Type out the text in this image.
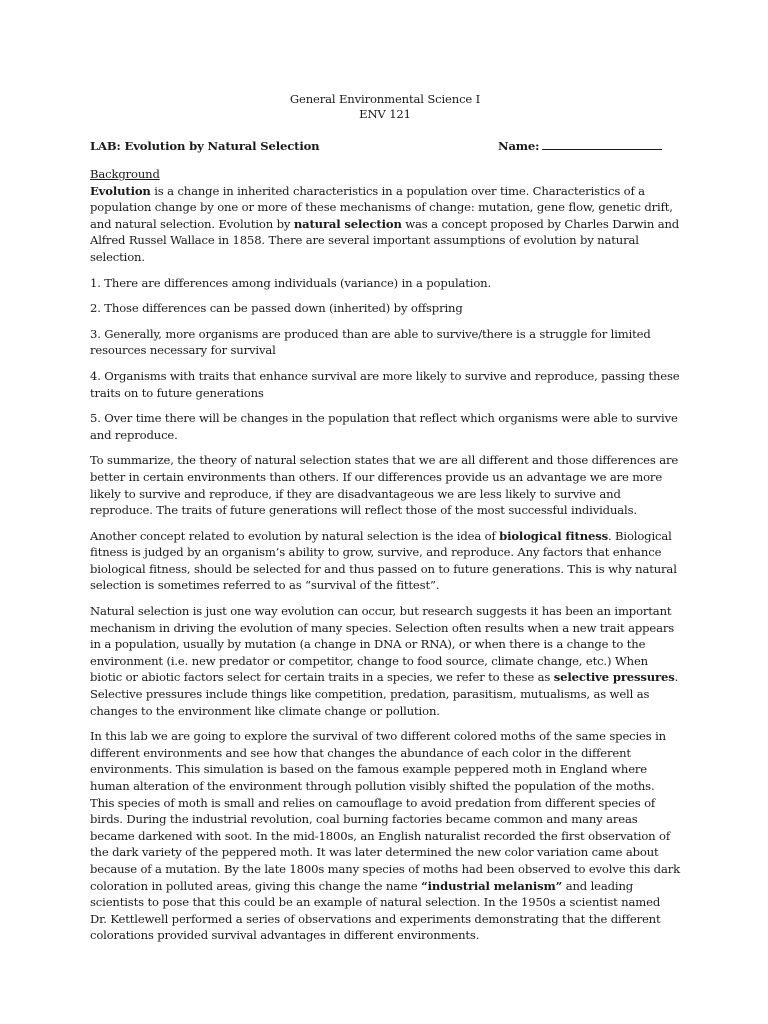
General Environmental Science I
ENV 121
LAB: Evolution by Natural Selection	Name:
Background

Evolution is a change in inherited characteristics in a population over time. Characteristics of a population change by one or more of these mechanisms of change: mutation, gene flow, genetic drift, and natural selection. Evolution by natural selection was a concept proposed by Charles Darwin and Alfred Russel Wallace in 1858. There are several important assumptions of evolution by natural selection.

1. There are differences among individuals (variance) in a population.

2. Those differences can be passed down (inherited) by offspring

3. Generally, more organisms are produced than are able to survive/there is a struggle for limited resources necessary for survival

4. Organisms with traits that enhance survival are more likely to survive and reproduce, passing these traits on to future generations

5. Over time there will be changes in the population that reflect which organisms were able to survive and reproduce.

To summarize, the theory of natural selection states that we are all different and those differences are better in certain environments than others. If our differences provide us an advantage we are more likely to survive and reproduce, if they are disadvantageous we are less likely to survive and reproduce. The traits of future generations will reflect those of the most successful individuals.

Another concept related to evolution by natural selection is the idea of biological fitness. Biological fitness is judged by an organism’s ability to grow, survive, and reproduce. Any factors that enhance biological fitness, should be selected for and thus passed on to future generations. This is why natural selection is sometimes referred to as “survival of the fittest”.

Natural selection is just one way evolution can occur, but research suggests it has been an important mechanism in driving the evolution of many species. Selection often results when a new trait appears in a population, usually by mutation (a change in DNA or RNA), or when there is a change to the environment (i.e. new predator or competitor, change to food source, climate change, etc.) When biotic or abiotic factors select for certain traits in a species, we refer to these as selective pressures. Selective pressures include things like competition, predation, parasitism, mutualisms, as well as changes to the environment like climate change or pollution.

In this lab we are going to explore the survival of two different colored moths of the same species in different environments and see how that changes the abundance of each color in the different environments. This simulation is based on the famous example peppered moth in England where human alteration of the environment through pollution visibly shifted the population of the moths. This species of moth is small and relies on camouflage to avoid predation from different species of birds. During the industrial revolution, coal burning factories became common and many areas became darkened with soot. In the mid-1800s, an English naturalist recorded the first observation of the dark variety of the peppered moth. It was later determined the new color variation came about because of a mutation. By the late 1800s many species of moths had been observed to evolve this dark coloration in polluted areas, giving this change the name “industrial melanism” and leading scientists to pose that this could be an example of natural selection. In the 1950s a scientist named Dr. Kettlewell performed a series of observations and experiments demonstrating that the different colorations provided survival advantages in different environments.
